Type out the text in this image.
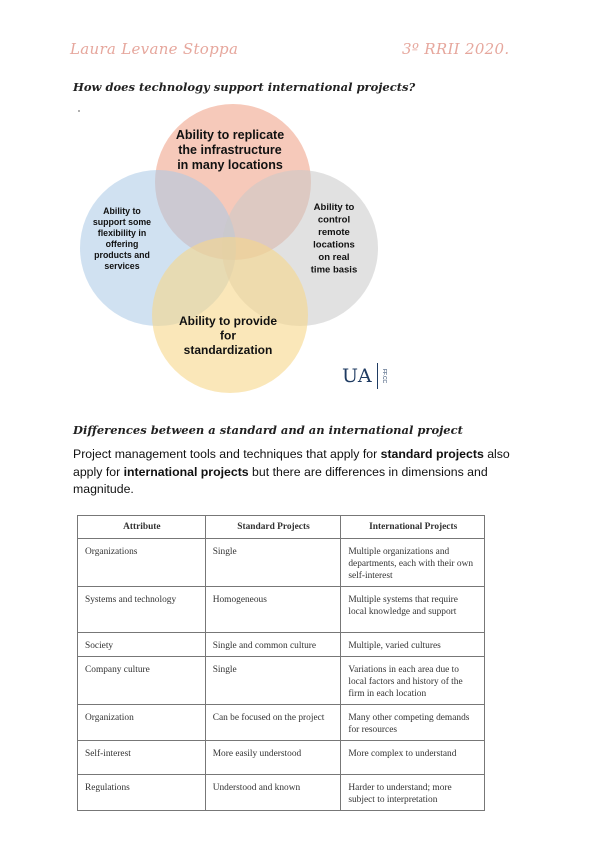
Laura Levane Stoppa	3º RRII 2020.
How does technology support international projects?
Ability to replicate the infrastructure in many locations
Ability to support some flexibility in offering products and services
Ability to control remote locations on real time basis
Ability to provide for standardization
UA FF.CC
Differences between a standard and an international project
Project management tools and techniques that apply for standard projects also apply for international projects but there are differences in dimensions and magnitude.
Attribute	Standard Projects	International Projects
Organizations	Single	Multiple organizations and departments, each with their own self-interest
Systems and technology	Homogeneous	Multiple systems that require local knowledge and support
Society	Single and common culture	Multiple, varied cultures
Company culture	Single	Variations in each area due to local factors and history of the firm in each location
Organization	Can be focused on the project	Many other competing demands for resources
Self-interest	More easily understood	More complex to understand
Regulations	Understood and known	Harder to understand; more subject to interpretation
